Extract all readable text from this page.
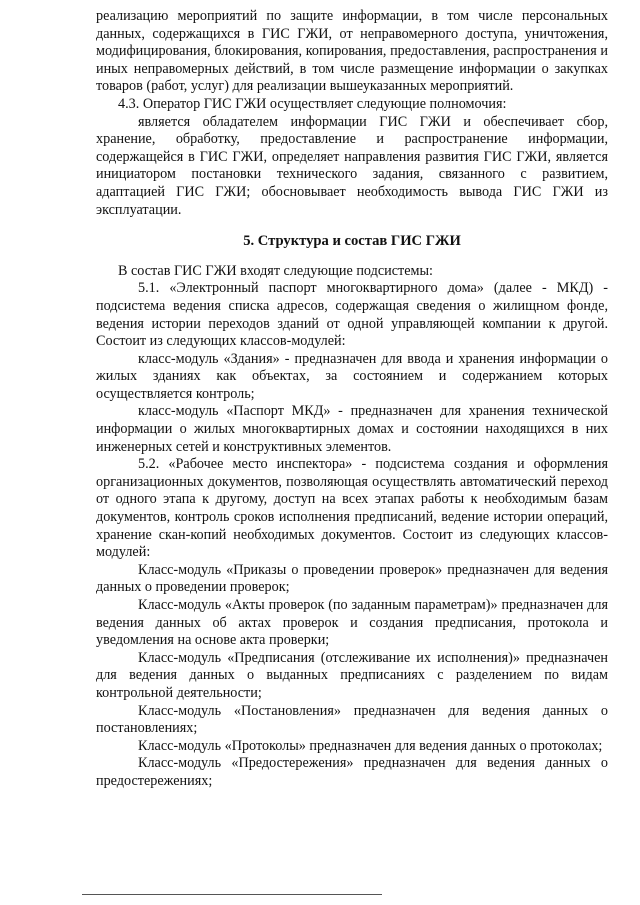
реализацию мероприятий по защите информации, в том числе персональных данных, содержащихся в ГИС ГЖИ, от неправомерного доступа, уничтожения, модифицирования, блокирования, копирования, предоставления, распространения и иных неправомерных действий, в том числе размещение информации о закупках товаров (работ, услуг) для реализации вышеуказанных мероприятий.

4.3. Оператор ГИС ГЖИ осуществляет следующие полномочия:

является обладателем информации ГИС ГЖИ и обеспечивает сбор, хранение, обработку, предоставление и распространение информации, содержащейся в ГИС ГЖИ, определяет направления развития ГИС ГЖИ, является инициатором постановки технического задания, связанного с развитием, адаптацией ГИС ГЖИ; обосновывает необходимость вывода ГИС ГЖИ из эксплуатации.

5. Структура и состав ГИС ГЖИ

В состав ГИС ГЖИ входят следующие подсистемы:

5.1. «Электронный паспорт многоквартирного дома» (далее - МКД) - подсистема ведения списка адресов, содержащая сведения о жилищном фонде, ведения истории переходов зданий от одной управляющей компании к другой. Состоит из следующих классов-модулей:

класс-модуль «Здания» - предназначен для ввода и хранения информации о жилых зданиях как объектах, за состоянием и содержанием которых осуществляется контроль;

класс-модуль «Паспорт МКД» - предназначен для хранения технической информации о жилых многоквартирных домах и состоянии находящихся в них инженерных сетей и конструктивных элементов.

5.2. «Рабочее место инспектора» - подсистема создания и оформления организационных документов, позволяющая осуществлять автоматический переход от одного этапа к другому, доступ на всех этапах работы к необходимым базам документов, контроль сроков исполнения предписаний, ведение истории операций, хранение скан-копий необходимых документов. Состоит из следующих классов-модулей:

Класс-модуль «Приказы о проведении проверок» предназначен для ведения данных о проведении проверок;

Класс-модуль «Акты проверок (по заданным параметрам)» предназначен для ведения данных об актах проверок и создания предписания, протокола и уведомления на основе акта проверки;

Класс-модуль «Предписания (отслеживание их исполнения)» предназначен для ведения данных о выданных предписаниях с разделением по видам контрольной деятельности;

Класс-модуль «Постановления» предназначен для ведения данных о постановлениях;

Класс-модуль «Протоколы» предназначен для ведения данных о протоколах;

Класс-модуль «Предостережения» предназначен для ведения данных о предостережениях;
